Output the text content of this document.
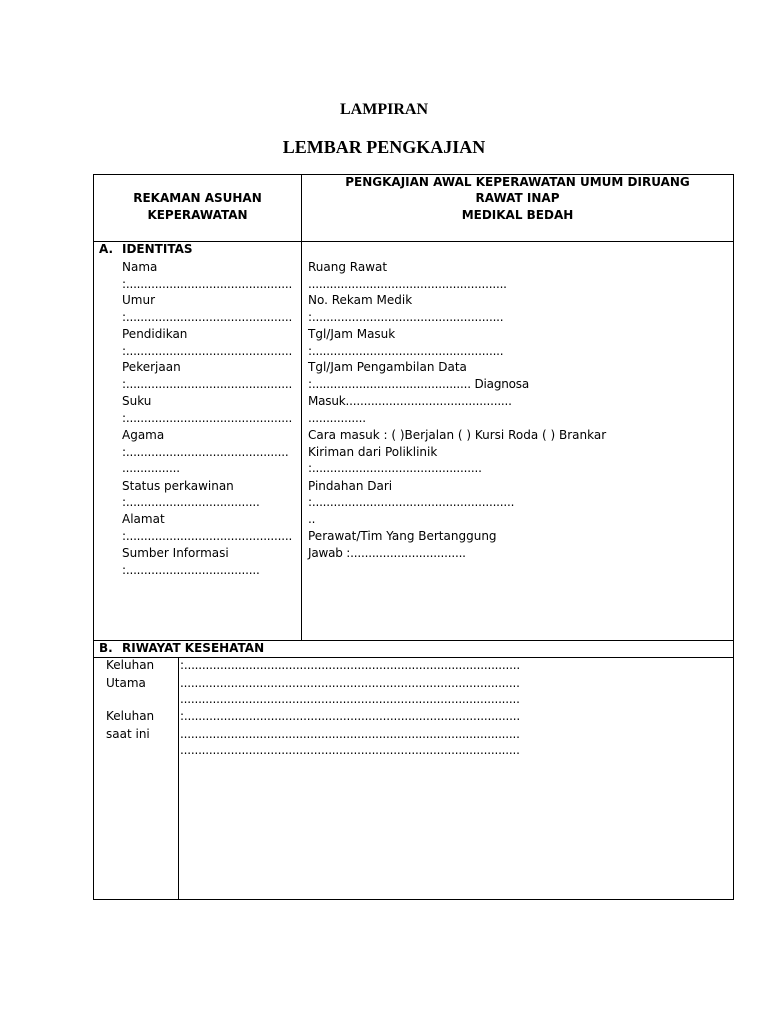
LAMPIRAN
LEMBAR PENGKAJIAN
REKAMAN ASUHAN
KEPERAWATAN
PENGKAJIAN AWAL KEPERAWATAN UMUM DIRUANG
RAWAT INAP
MEDIKAL BEDAH
A. IDENTITAS
Nama
:..............................................
Umur
:..............................................
Pendidikan
:..............................................
Pekerjaan
:..............................................
Suku
:..............................................
Agama
:.............................................
................
Status perkawinan
:.....................................
Alamat
:..............................................
Sumber Informasi
:.....................................
Ruang Rawat
.......................................................
No. Rekam Medik
:.....................................................
Tgl/Jam Masuk
:.....................................................
Tgl/Jam Pengambilan Data
:............................................ Diagnosa
Masuk..............................................
................
Cara masuk : ( )Berjalan ( ) Kursi Roda ( ) Brankar
Kiriman dari Poliklinik
:...............................................
Pindahan Dari
:........................................................
..
Perawat/Tim Yang Bertanggung
Jawab :................................
B. RIWAYAT KESEHATAN
Keluhan
Utama
Keluhan
saat ini
:.............................................................................................
..............................................................................................
..............................................................................................
:.............................................................................................
..............................................................................................
..............................................................................................
